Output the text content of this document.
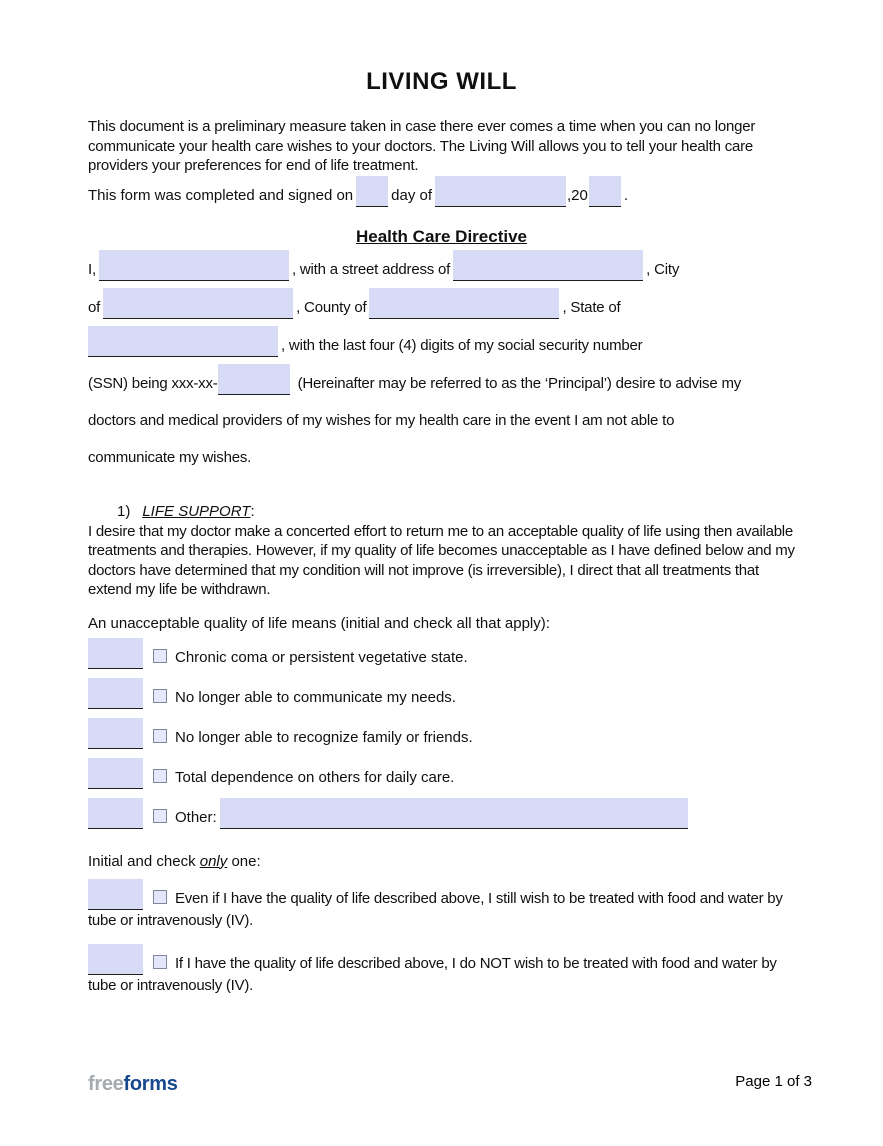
LIVING WILL

This document is a preliminary measure taken in case there ever comes a time when you can no longer communicate your health care wishes to your doctors. The Living Will allows you to tell your health care providers your preferences for end of life treatment.

This form was completed and signed on	day of	,20 .
Health Care Directive
I,	, with a street address of	, City
of	, County of	, State of
, with the last four (4) digits of my social security number
(SSN) being xxx-xx-	(Hereinafter may be referred to as the ‘Principal’) desire to advise my
doctors and medical providers of my wishes for my health care in the event I am not able to
communicate my wishes.
1) LIFE SUPPORT:

I desire that my doctor make a concerted effort to return me to an acceptable quality of life using then available treatments and therapies. However, if my quality of life becomes unacceptable as I have defined below and my doctors have determined that my condition will not improve (is irreversible), I direct that all treatments that extend my life be withdrawn.

An unacceptable quality of life means (initial and check all that apply):

Chronic coma or persistent vegetative state.
No longer able to communicate my needs.
No longer able to recognize family or friends.
Total dependence on others for daily care.
Other:

Initial and check only one:

Even if I have the quality of life described above, I still wish to be treated with food and water by tube or intravenously (IV).
If I have the quality of life described above, I do NOT wish to be treated with food and water by tube or intravenously (IV).
freeforms	Page 1 of 3
